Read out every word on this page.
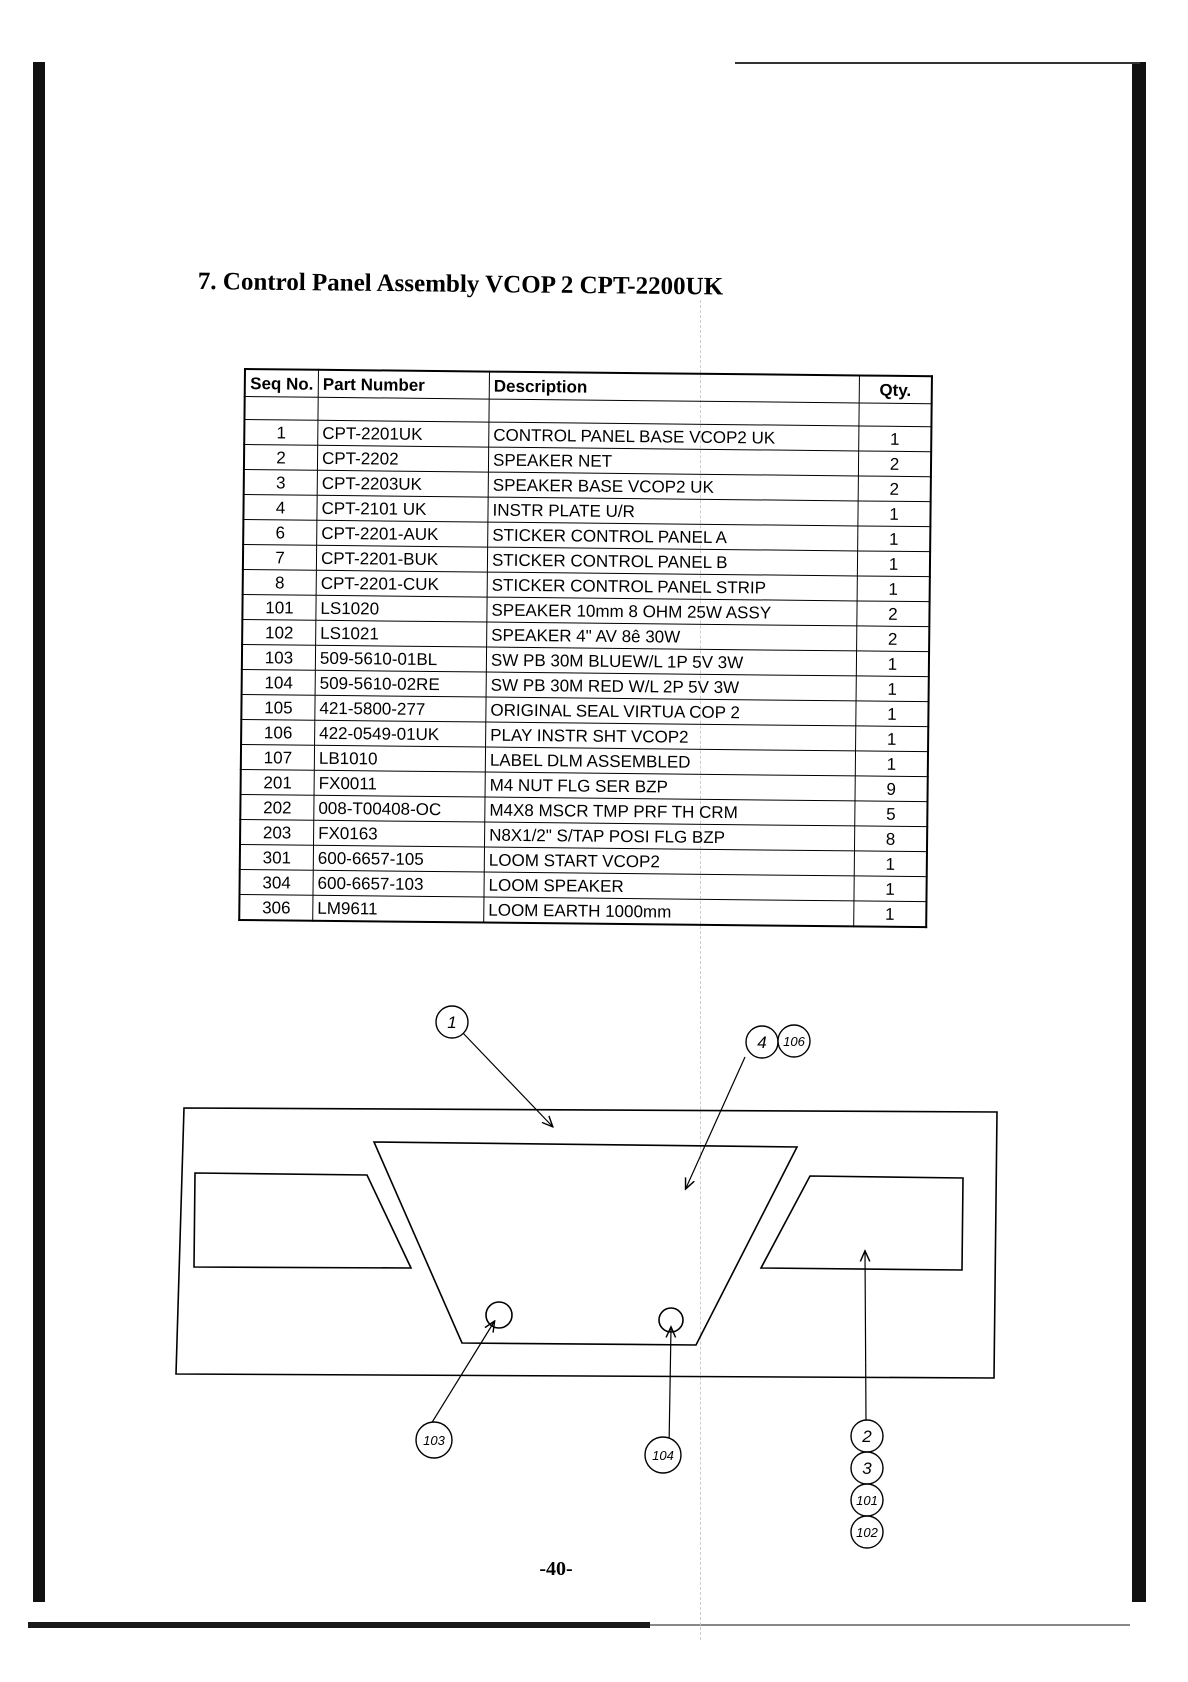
7. Control Panel Assembly VCOP 2 CPT-2200UK
Seq No.	Part Number	Description	Qty.

1	CPT-2201UK	CONTROL PANEL BASE VCOP2 UK	1
2	CPT-2202	SPEAKER NET	2
3	CPT-2203UK	SPEAKER BASE VCOP2 UK	2
4	CPT-2101 UK	INSTR PLATE U/R	1
6	CPT-2201-AUK	STICKER CONTROL PANEL A	1
7	CPT-2201-BUK	STICKER CONTROL PANEL B	1
8	CPT-2201-CUK	STICKER CONTROL PANEL STRIP	1
101	LS1020	SPEAKER 10mm 8 OHM 25W ASSY	2
102	LS1021	SPEAKER 4" AV 8ê 30W	2
103	509-5610-01BL	SW PB 30M BLUEW/L 1P 5V 3W	1
104	509-5610-02RE	SW PB 30M RED W/L 2P 5V 3W	1
105	421-5800-277	ORIGINAL SEAL VIRTUA COP 2	1
106	422-0549-01UK	PLAY INSTR SHT VCOP2	1
107	LB1010	LABEL DLM ASSEMBLED	1
201	FX0011	M4 NUT FLG SER BZP	9
202	008-T00408-OC	M4X8 MSCR TMP PRF TH CRM	5
203	FX0163	N8X1/2" S/TAP POSI FLG BZP	8
301	600-6657-105	LOOM START VCOP2	1
304	600-6657-103	LOOM SPEAKER	1
306	LM9611	LOOM EARTH 1000mm	1
1
4 106
103
104
2
3
101
102
-40-
